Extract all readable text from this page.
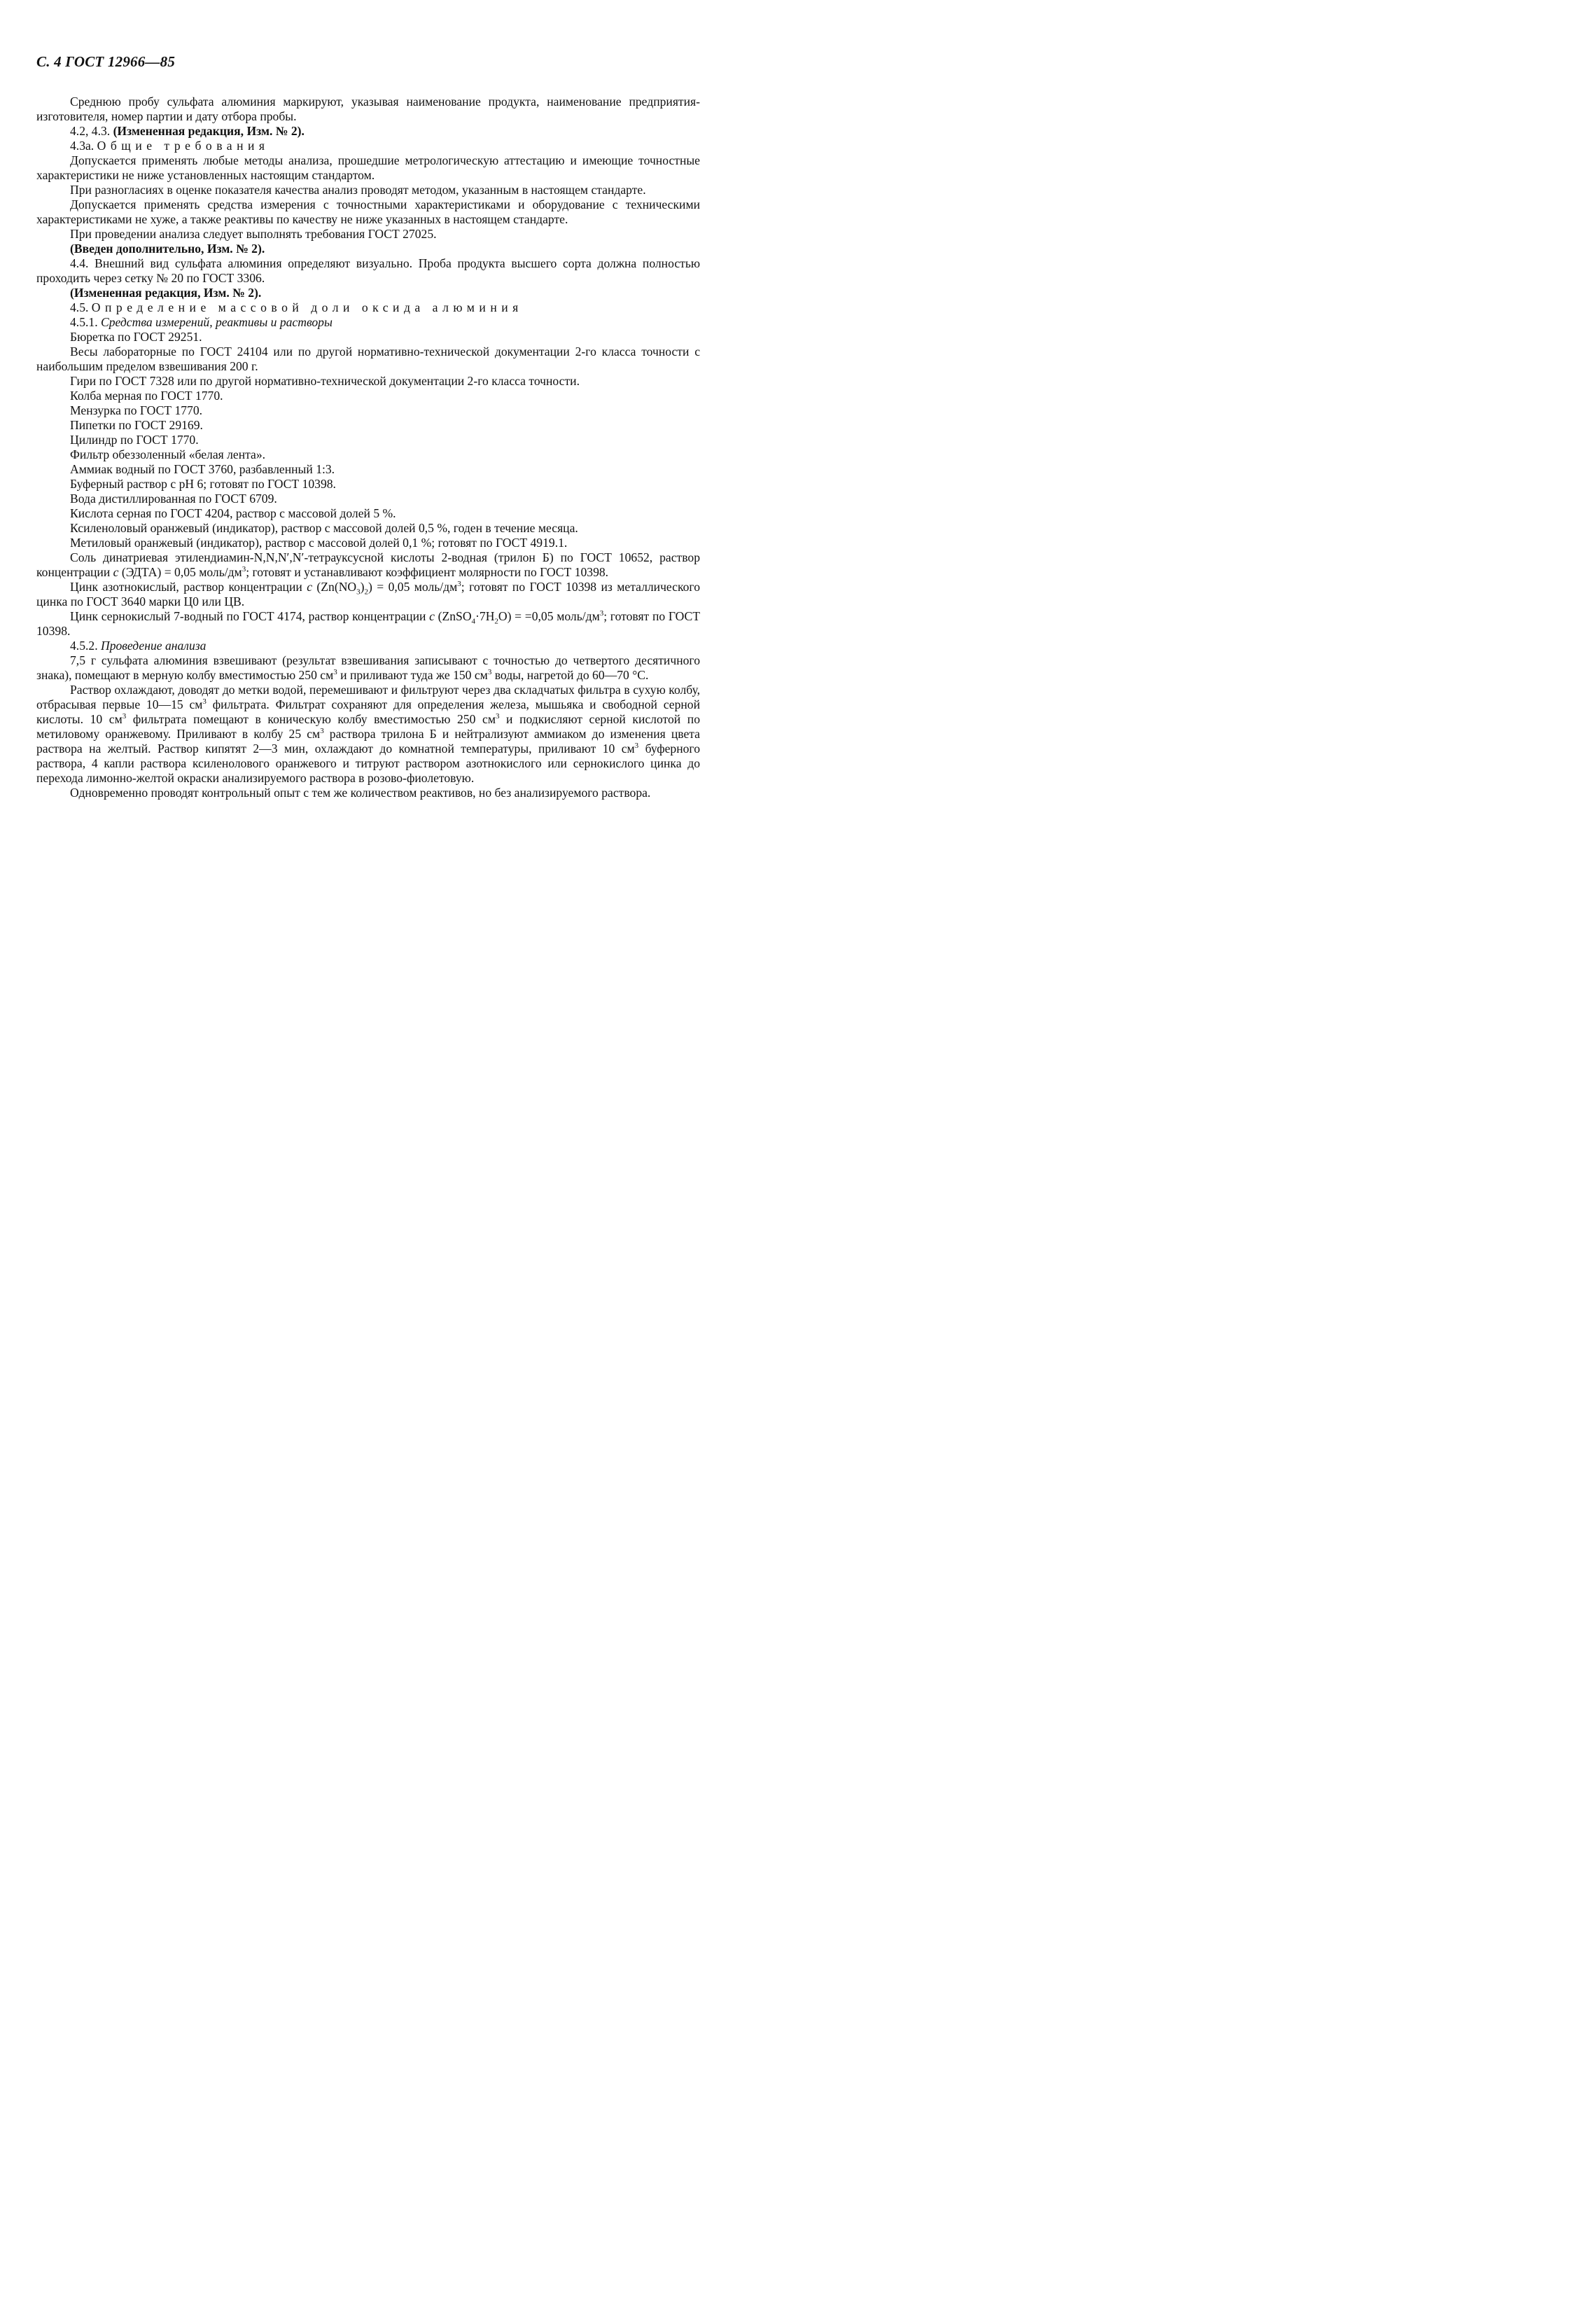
С. 4 ГОСТ 12966—85

Среднюю пробу сульфата алюминия маркируют, указывая наименование продукта, наименование предприятия-изготовителя, номер партии и дату отбора пробы.

4.2, 4.3. (Измененная редакция, Изм. № 2).

4.3а. Общие требования

Допускается применять любые методы анализа, прошедшие метрологическую аттестацию и имеющие точностные характеристики не ниже установленных настоящим стандартом.

При разногласиях в оценке показателя качества анализ проводят методом, указанным в настоящем стандарте.

Допускается применять средства измерения с точностными характеристиками и оборудование с техническими характеристиками не хуже, а также реактивы по качеству не ниже указанных в настоящем стандарте.

При проведении анализа следует выполнять требования ГОСТ 27025.

(Введен дополнительно, Изм. № 2).

4.4. Внешний вид сульфата алюминия определяют визуально. Проба продукта высшего сорта должна полностью проходить через сетку № 20 по ГОСТ 3306.

(Измененная редакция, Изм. № 2).

4.5. Определение массовой доли оксида алюминия

4.5.1. Средства измерений, реактивы и растворы

Бюретка по ГОСТ 29251.

Весы лабораторные по ГОСТ 24104 или по другой нормативно-технической документации 2-го класса точности с наибольшим пределом взвешивания 200 г.

Гири по ГОСТ 7328 или по другой нормативно-технической документации 2-го класса точности.

Колба мерная по ГОСТ 1770.

Мензурка по ГОСТ 1770.

Пипетки по ГОСТ 29169.

Цилиндр по ГОСТ 1770.

Фильтр обеззоленный «белая лента».

Аммиак водный по ГОСТ 3760, разбавленный 1:3.

Буферный раствор с pH 6; готовят по ГОСТ 10398.

Вода дистиллированная по ГОСТ 6709.

Кислота серная по ГОСТ 4204, раствор с массовой долей 5 %.

Ксиленоловый оранжевый (индикатор), раствор с массовой долей 0,5 %, годен в течение месяца.

Метиловый оранжевый (индикатор), раствор с массовой долей 0,1 %; готовят по ГОСТ 4919.1.

Соль динатриевая этилендиамин-N,N,N′,N′-тетрауксусной кислоты 2-водная (трилон Б) по ГОСТ 10652, раствор концентрации с (ЭДТА) = 0,05 моль/$дм^3$; готовят и устанавливают коэффициент молярности по ГОСТ 10398.

Цинк азотнокислый, раствор концентрации с $(Zn(NO_3)_2) = 0,05$ моль/$дм^3$; готовят по ГОСТ 10398 из металлического цинка по ГОСТ 3640 марки Ц0 или ЦВ.

Цинк сернокислый 7-водный по ГОСТ 4174, раствор концентрации с $(ZnSO_4\cdot 7H_2O) = =0,05$ моль/$дм^3$; готовят по ГОСТ 10398.

4.5.2. Проведение анализа

7,5 г сульфата алюминия взвешивают (результат взвешивания записывают с точностью до четвертого десятичного знака), помещают в мерную колбу вместимостью 250 $см^3$ и приливают туда же 150 $см^3$ воды, нагретой до 60—70 °С.

Раствор охлаждают, доводят до метки водой, перемешивают и фильтруют через два складчатых фильтра в сухую колбу, отбрасывая первые 10—15 $см^3$ фильтрата. Фильтрат сохраняют для определения железа, мышьяка и свободной серной кислоты. 10 $см^3$ фильтрата помещают в коническую колбу вместимостью 250 $см^3$ и подкисляют серной кислотой по метиловому оранжевому. Приливают в колбу 25 $см^3$ раствора трилона Б и нейтрализуют аммиаком до изменения цвета раствора на желтый. Раствор кипятят 2—3 мин, охлаждают до комнатной температуры, приливают 10 $см^3$ буферного раствора, 4 капли раствора ксиленолового оранжевого и титруют раствором азотнокислого или сернокислого цинка до перехода лимонно-желтой окраски анализируемого раствора в розово-фиолетовую.

Одновременно проводят контрольный опыт с тем же количеством реактивов, но без анализируемого раствора.
